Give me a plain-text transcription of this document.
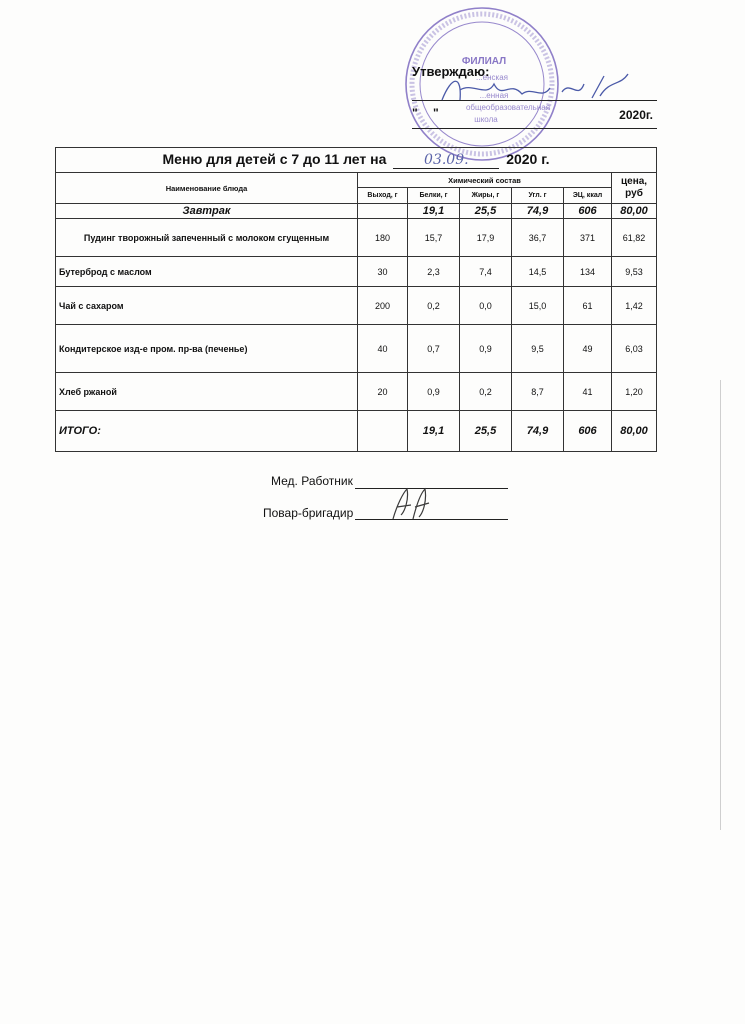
ФИЛИАЛ
...енская
...енная
общеобразовательная
школа
Утверждаю:
" "	2020г.
Меню для детей с 7 до 11 лет на 03.09. 2020 г.						
Наименование блюда	Химический состав					цена, руб
	Выход, г	Белки, г	Жиры, г	Угл. г	ЭЦ, ккал	
Завтрак		19,1	25,5	74,9	606	80,00
Пудинг творожный запеченный с молоком сгущенным	180	15,7	17,9	36,7	371	61,82
Бутерброд с маслом	30	2,3	7,4	14,5	134	9,53
Чай с сахаром	200	0,2	0,0	15,0	61	1,42
Кондитерское изд-е пром. пр-ва (печенье)	40	0,7	0,9	9,5	49	6,03
Хлеб ржаной	20	0,9	0,2	8,7	41	1,20
ИТОГО:		19,1	25,5	74,9	606	80,00
Мед. Работник
Повар-бригадир
